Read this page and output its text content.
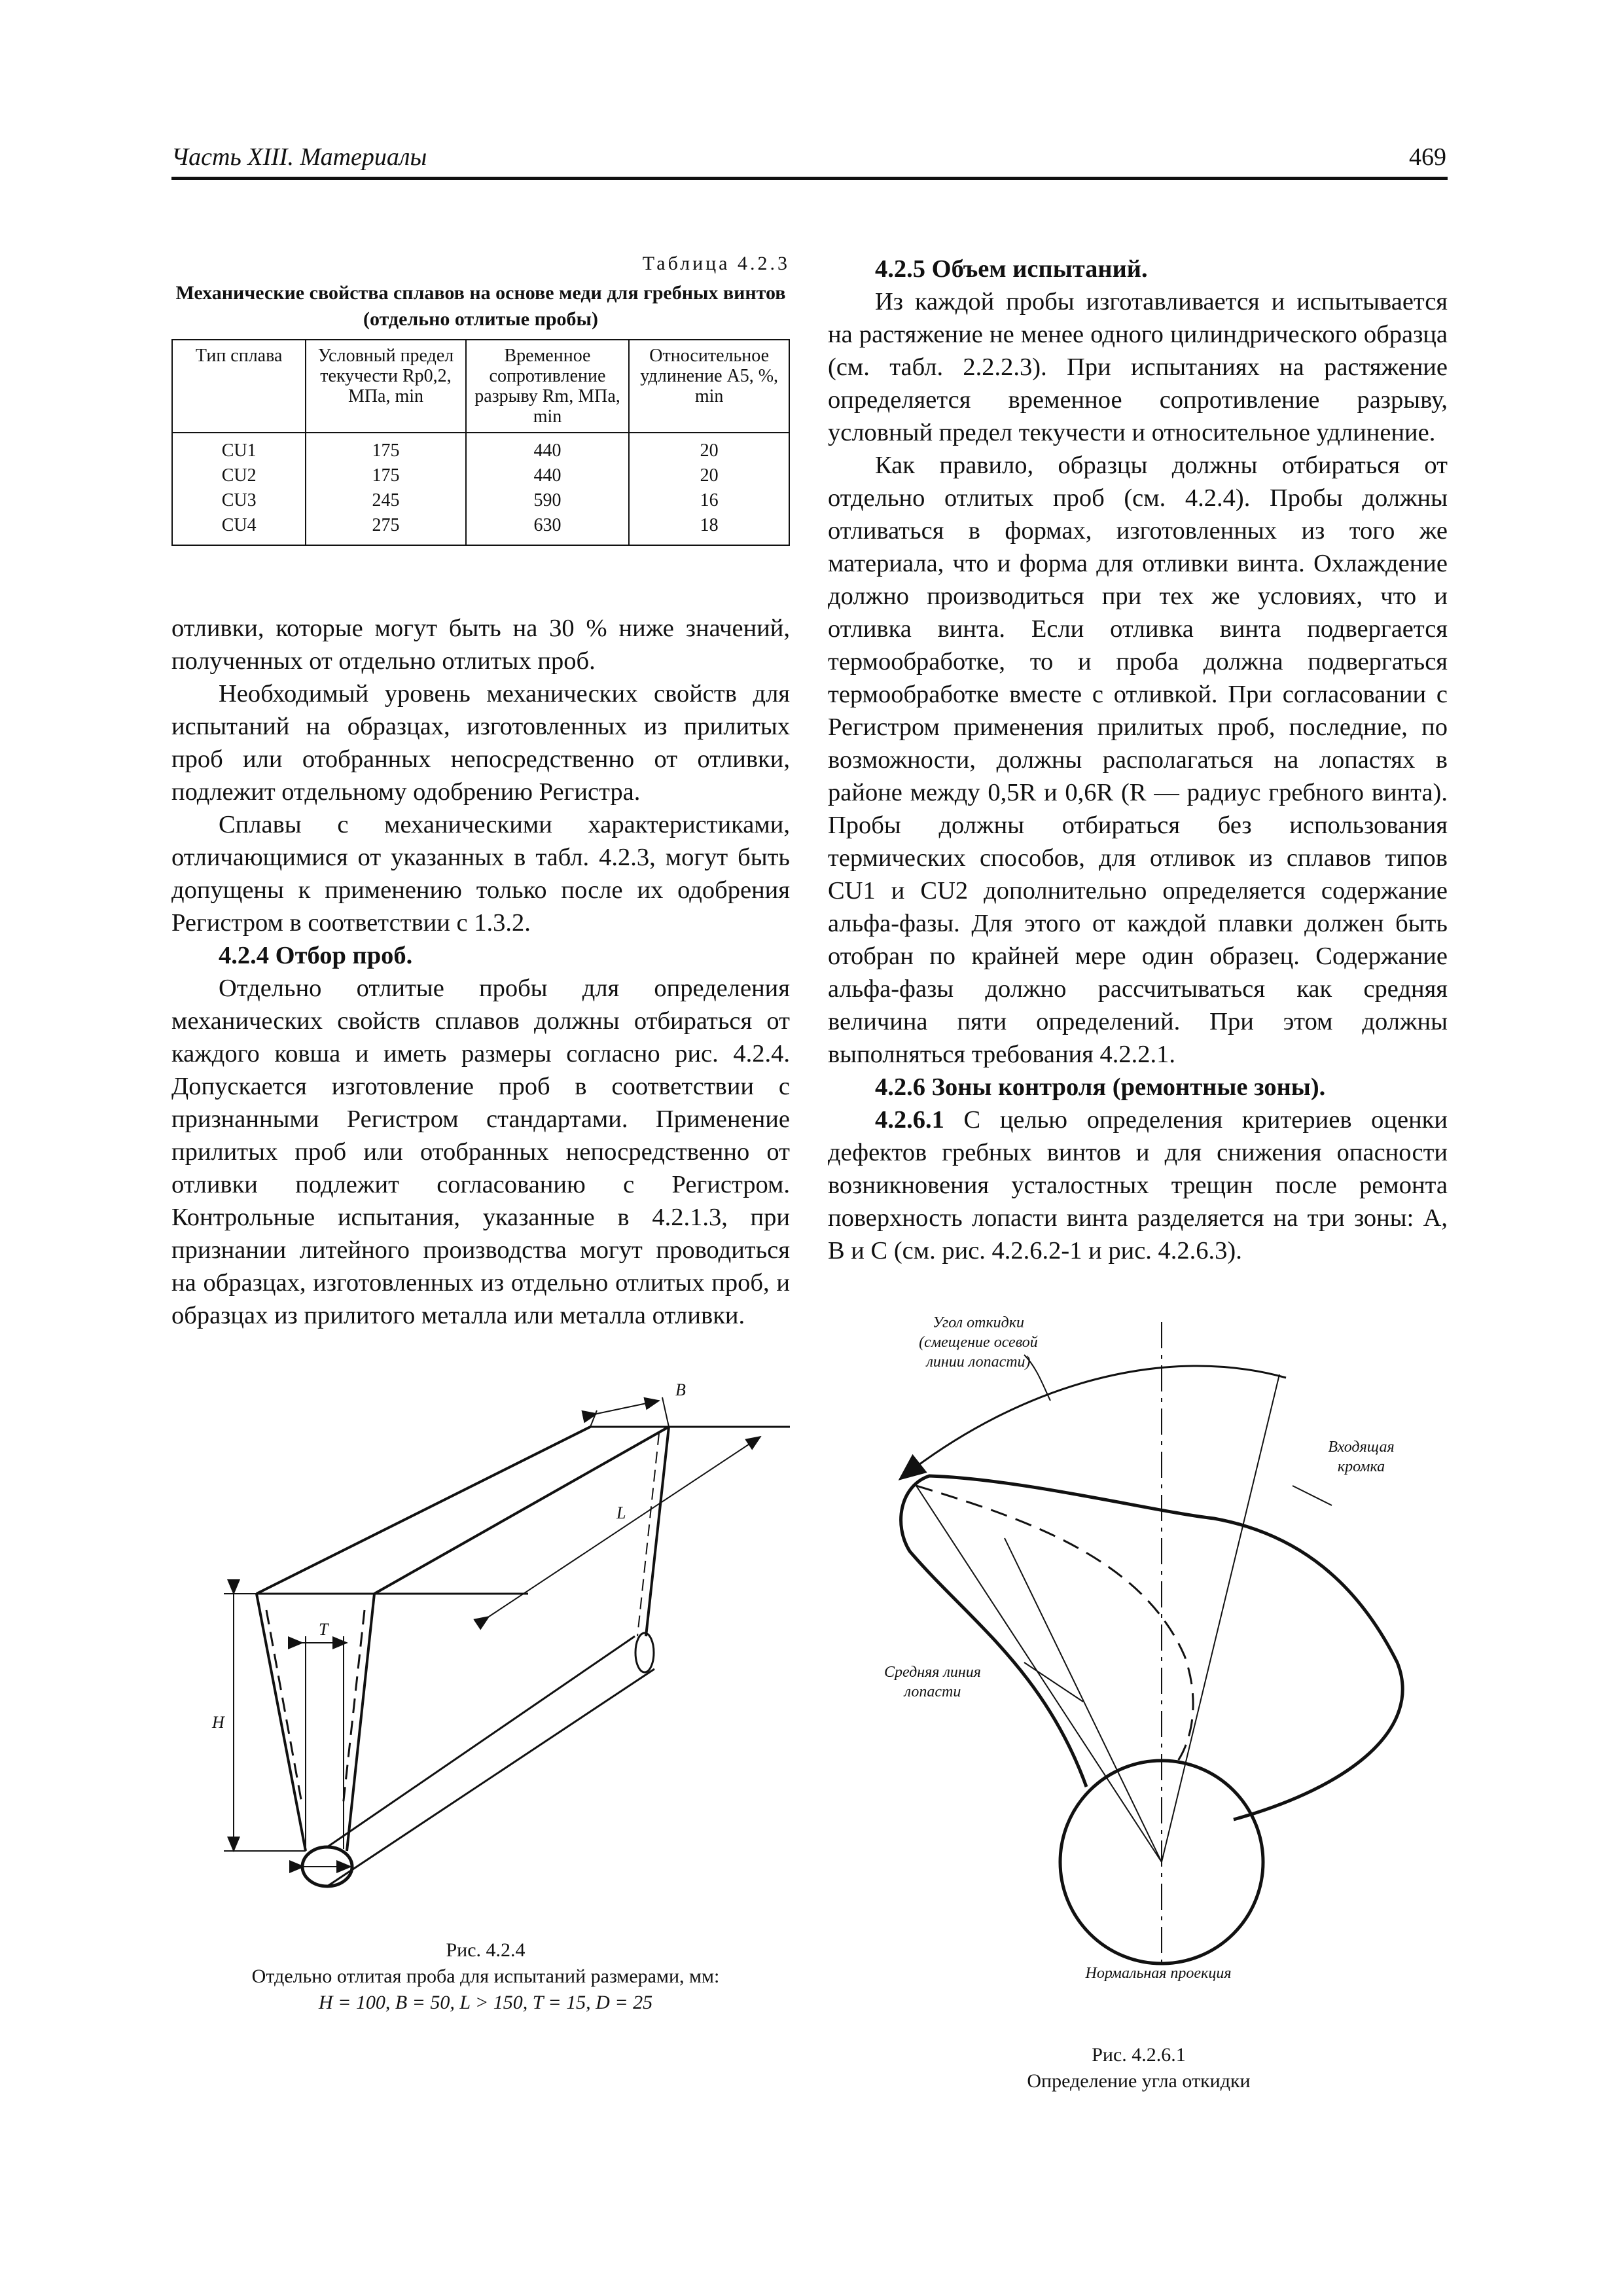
Часть XIII. Материалы	469
Таблица 4.2.3
Механические свойства сплавов на основе меди для гребных винтов (отдельно отлитые пробы)
Тип сплава	Условный предел текучести Rp0,2, МПа, min	Временное сопротивление разрыву Rm, МПа, min	Относительное удлинение A5, %, min
CU1	175	440	20
CU2	175	440	20
CU3	245	590	16
CU4	275	630	18

отливки, которые могут быть на 30 % ниже значений, полученных от отдельно отлитых проб.

Необходимый уровень механических свойств для испытаний на образцах, изготовленных из прилитых проб или отобранных непосредственно от отливки, подлежит отдельному одобрению Регистра.

Сплавы с механическими характеристиками, отличающимися от указанных в табл. 4.2.3, могут быть допущены к применению только после их одобрения Регистром в соответствии с 1.3.2.

4.2.4 Отбор проб.

Отдельно отлитые пробы для определения механических свойств сплавов должны отбираться от каждого ковша и иметь размеры согласно рис. 4.2.4. Допускается изготовление проб в соответствии с признанными Регистром стандартами. Применение прилитых проб или отобранных непосредственно от отливки подлежит согласованию с Регистром. Контрольные испытания, указанные в 4.2.1.3, при признании литейного производства могут проводиться на образцах, изготовленных из отдельно отлитых проб, и образцах из прилитого металла или металла отливки.

4.2.5 Объем испытаний.

Из каждой пробы изготавливается и испытывается на растяжение не менее одного цилиндрического образца (см. табл. 2.2.2.3). При испытаниях на растяжение определяется временное сопротивление разрыву, условный предел текучести и относительное удлинение.

Как правило, образцы должны отбираться от отдельно отлитых проб (см. 4.2.4). Пробы должны отливаться в формах, изготовленных из того же материала, что и форма для отливки винта. Охлаждение должно производиться при тех же условиях, что и отливка винта. Если отливка винта подвергается термообработке, то и проба должна подвергаться термообработке вместе с отливкой. При согласовании с Регистром применения прилитых проб, последние, по возможности, должны располагаться на лопастях в районе между 0,5R и 0,6R (R — радиус гребного винта). Пробы должны отбираться без использования термических способов, для отливок из сплавов типов CU1 и CU2 дополнительно определяется содержание альфа-фазы. Для этого от каждой плавки должен быть отобран по крайней мере один образец. Содержание альфа-фазы должно рассчитываться как средняя величина пяти определений. При этом должны выполняться требования 4.2.2.1.

4.2.6 Зоны контроля (ремонтные зоны).

4.2.6.1 С целью определения критериев оценки дефектов гребных винтов и для снижения опасности возникновения усталостных трещин после ремонта поверхность лопасти винта разделяется на три зоны: A, B и C (см. рис. 4.2.6.2-1 и рис. 4.2.6.3).

B
L
T
H
Рис. 4.2.4
Отдельно отлитая проба для испытаний размерами, мм:
H = 100, B = 50, L > 150, T = 15, D = 25
Угол откидки
(смещение осевой
линии лопасти)
Входящая
кромка
Средняя линия
лопасти
Нормальная проекция
Рис. 4.2.6.1
Определение угла откидки
